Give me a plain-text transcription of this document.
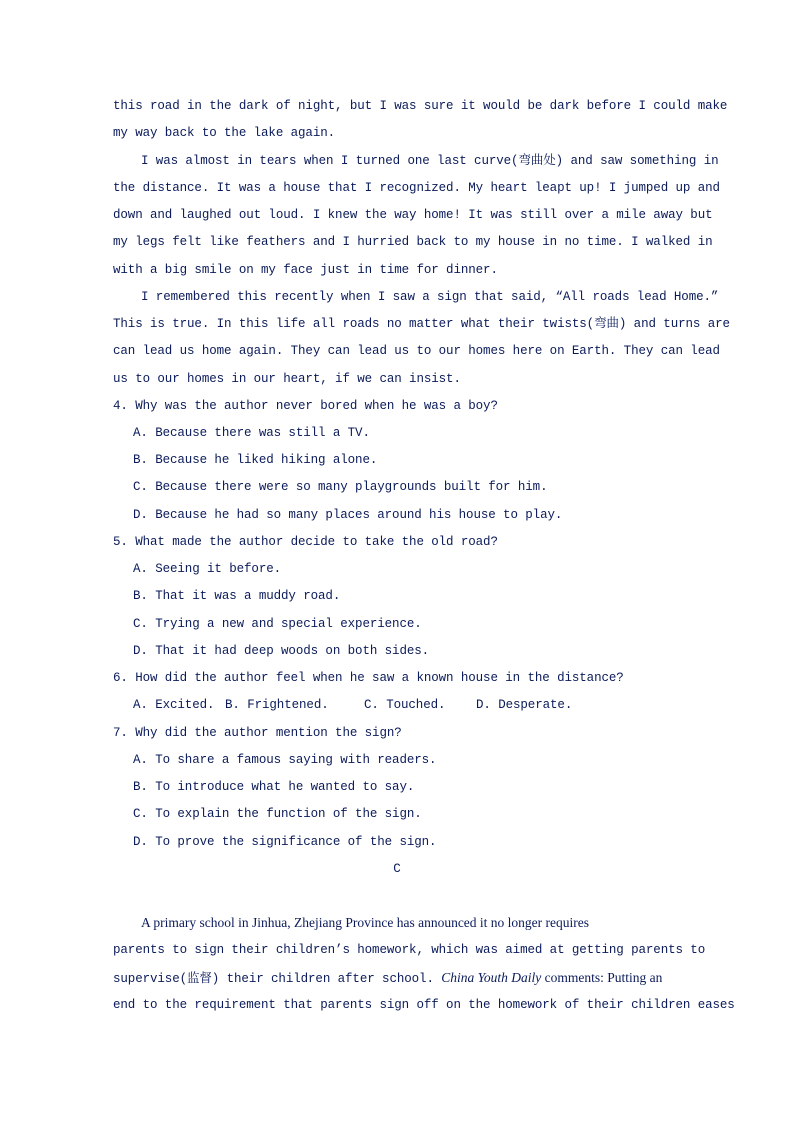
this road in the dark of night, but I was sure it would be dark before I could make
my way back to the lake again.
I was almost in tears when I turned one last curve(弯曲处) and saw something in
the distance. It was a house that I recognized. My heart leapt up! I jumped up and
down and laughed out loud. I knew the way home! It was still over a mile away but
my legs felt like feathers and I hurried back to my house in no time. I walked in
with a big smile on my face just in time for dinner.
I remembered this recently when I saw a sign that said, “All roads lead Home.”
This is true. In this life all roads no matter what their twists(弯曲) and turns are
can lead us home again. They can lead us to our homes here on Earth. They can lead
us to our homes in our heart, if we can insist.
4. Why was the author never bored when he was a boy?
A. Because there was still a TV.
B. Because he liked hiking alone.
C. Because there were so many playgrounds built for him.
D. Because he had so many places around his house to play.
5. What made the author decide to take the old road?
A. Seeing it before.
B. That it was a muddy road.
C. Trying a new and special experience.
D. That it had deep woods on both sides.
6. How did the author feel when he saw a known house in the distance?
A. Excited. B. Frightened.	C. Touched. D. Desperate.
7. Why did the author mention the sign?
A. To share a famous saying with readers.
B. To introduce what he wanted to say.
C. To explain the function of the sign.
D. To prove the significance of the sign.
C
A primary school in Jinhua, Zhejiang Province has announced it no longer requires
parents to sign their children’s homework, which was aimed at getting parents to
supervise(监督) their children after school. China Youth Daily comments: Putting an
end to the requirement that parents sign off on the homework of their children eases
